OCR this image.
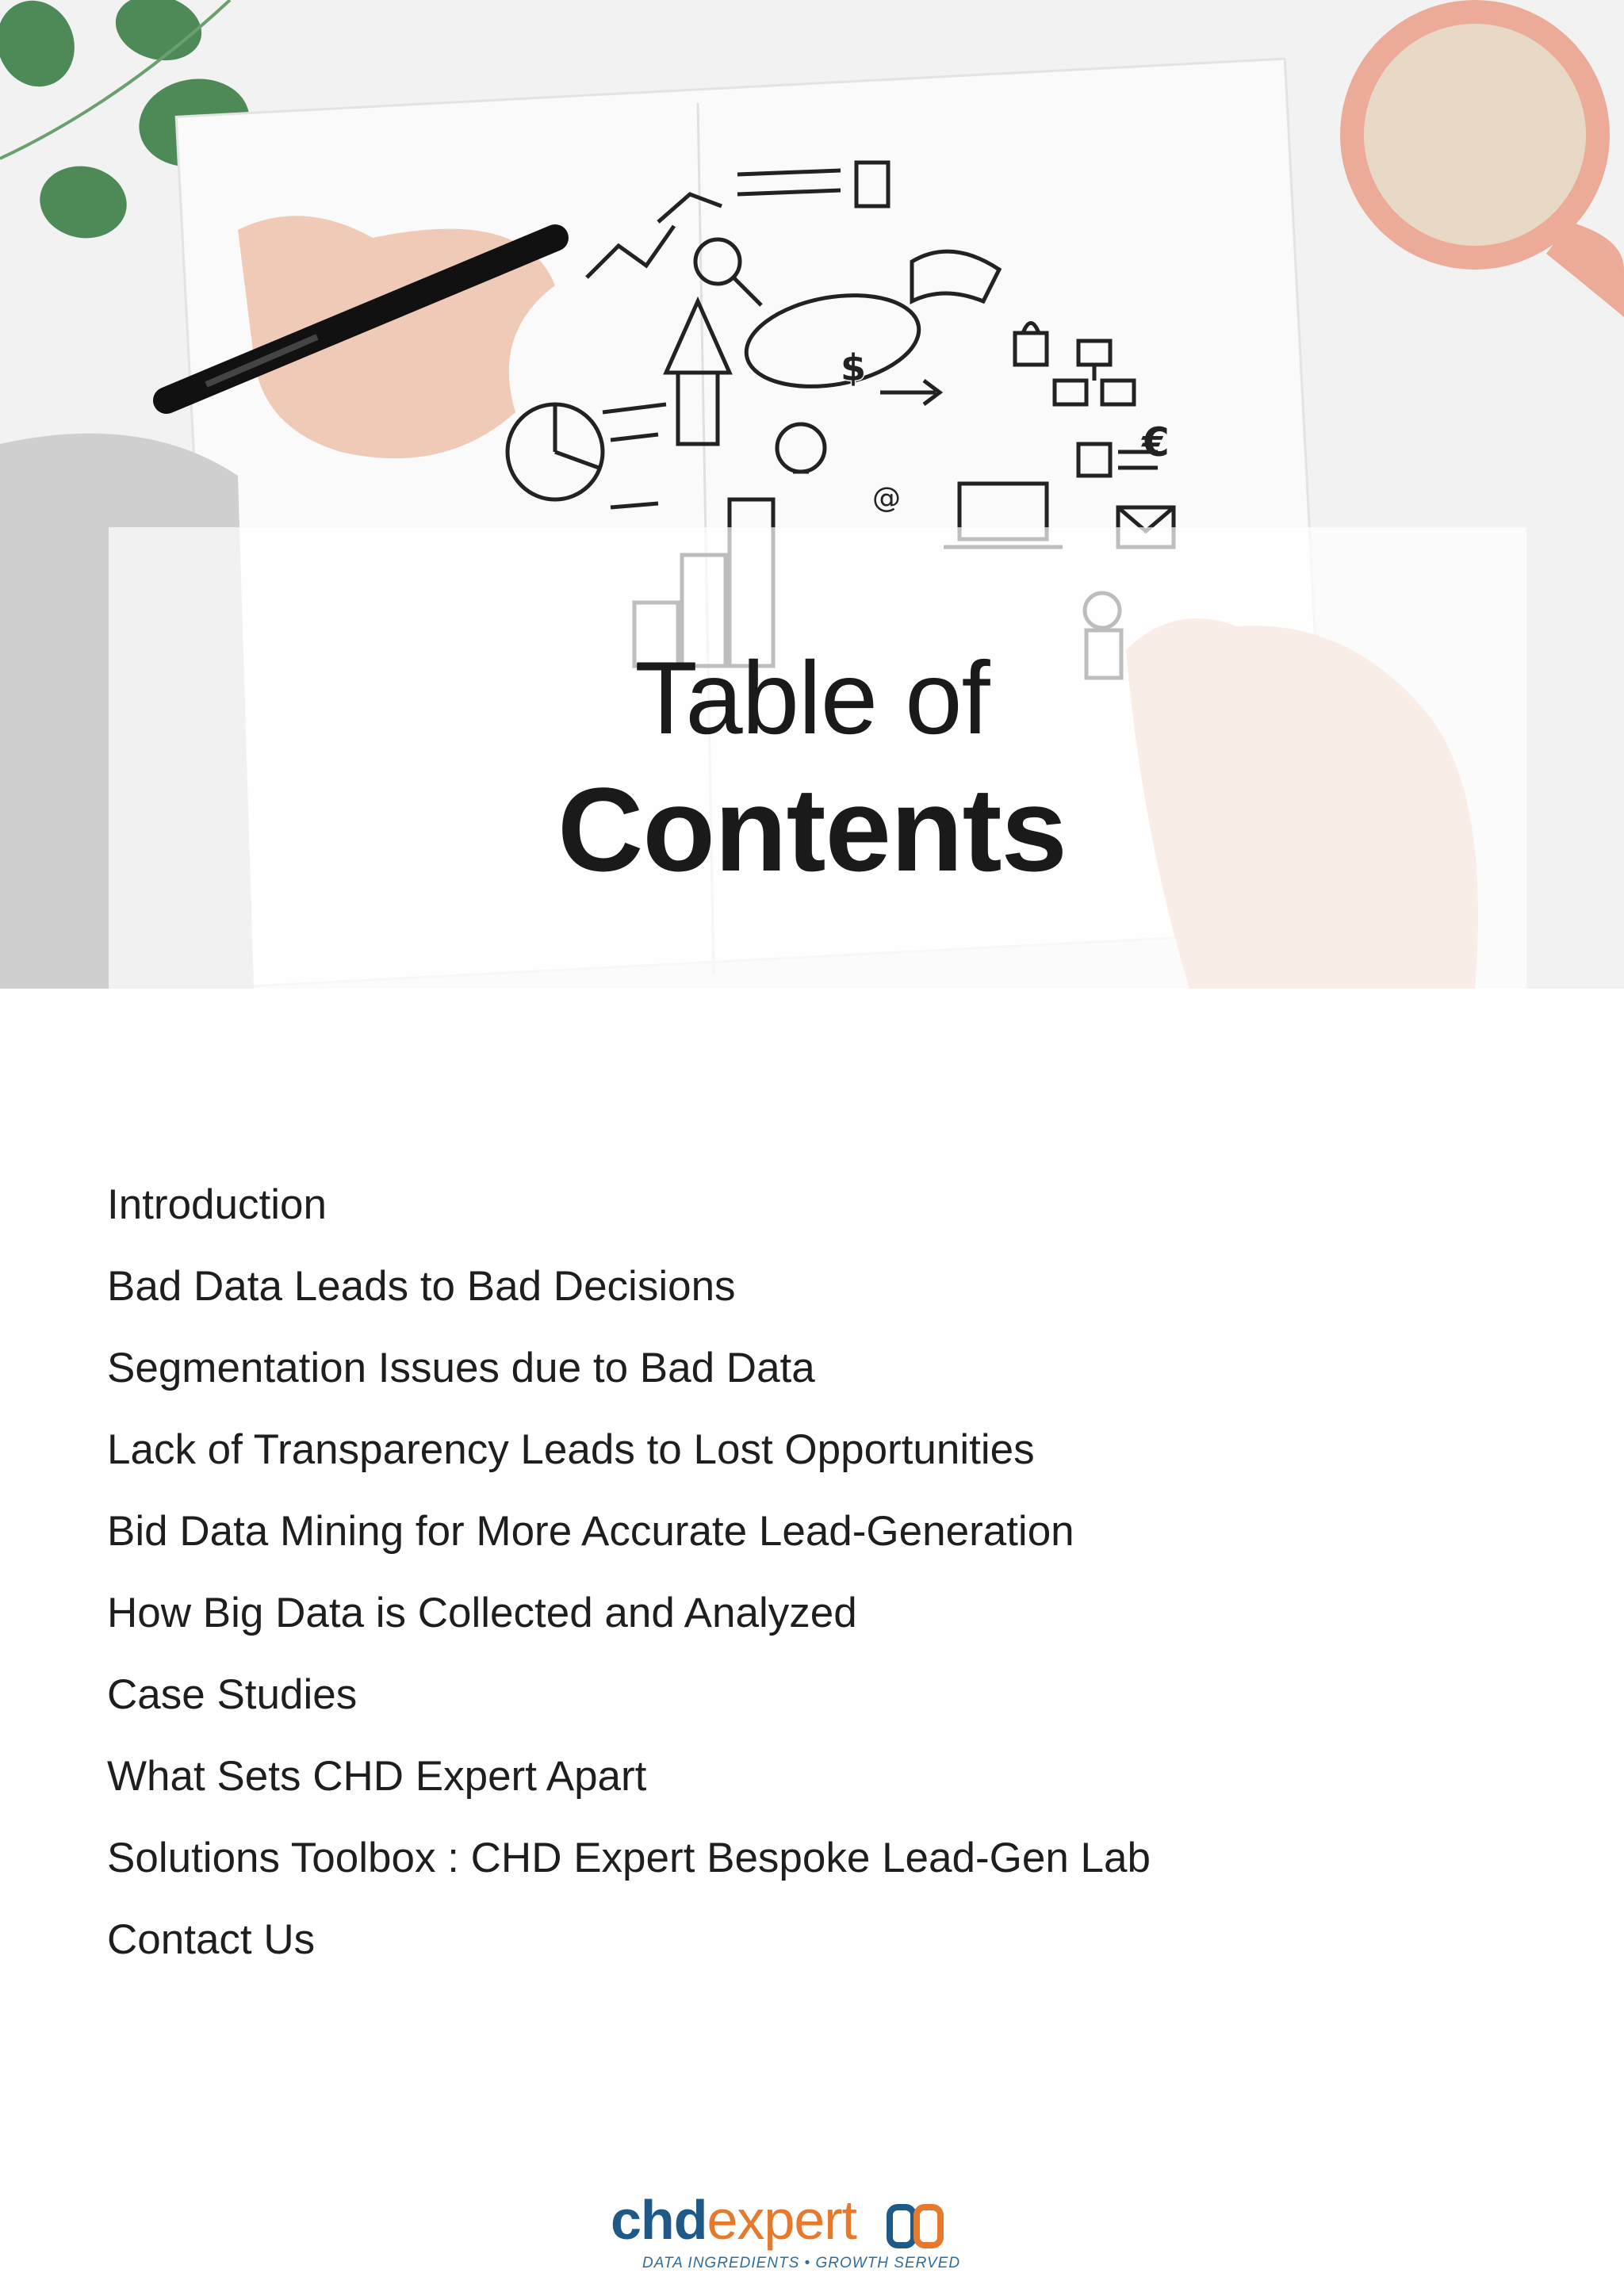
$
€
@
Table of
Contents
Introduction
Bad Data Leads to Bad Decisions
Segmentation Issues due to Bad Data
Lack of Transparency Leads to Lost Opportunities
Bid Data Mining for More Accurate Lead-Generation
How Big Data is Collected and Analyzed
Case Studies
What Sets CHD Expert Apart
Solutions Toolbox : CHD Expert Bespoke Lead-Gen Lab
Contact Us
chdexpert
DATA INGREDIENTS • GROWTH SERVED
